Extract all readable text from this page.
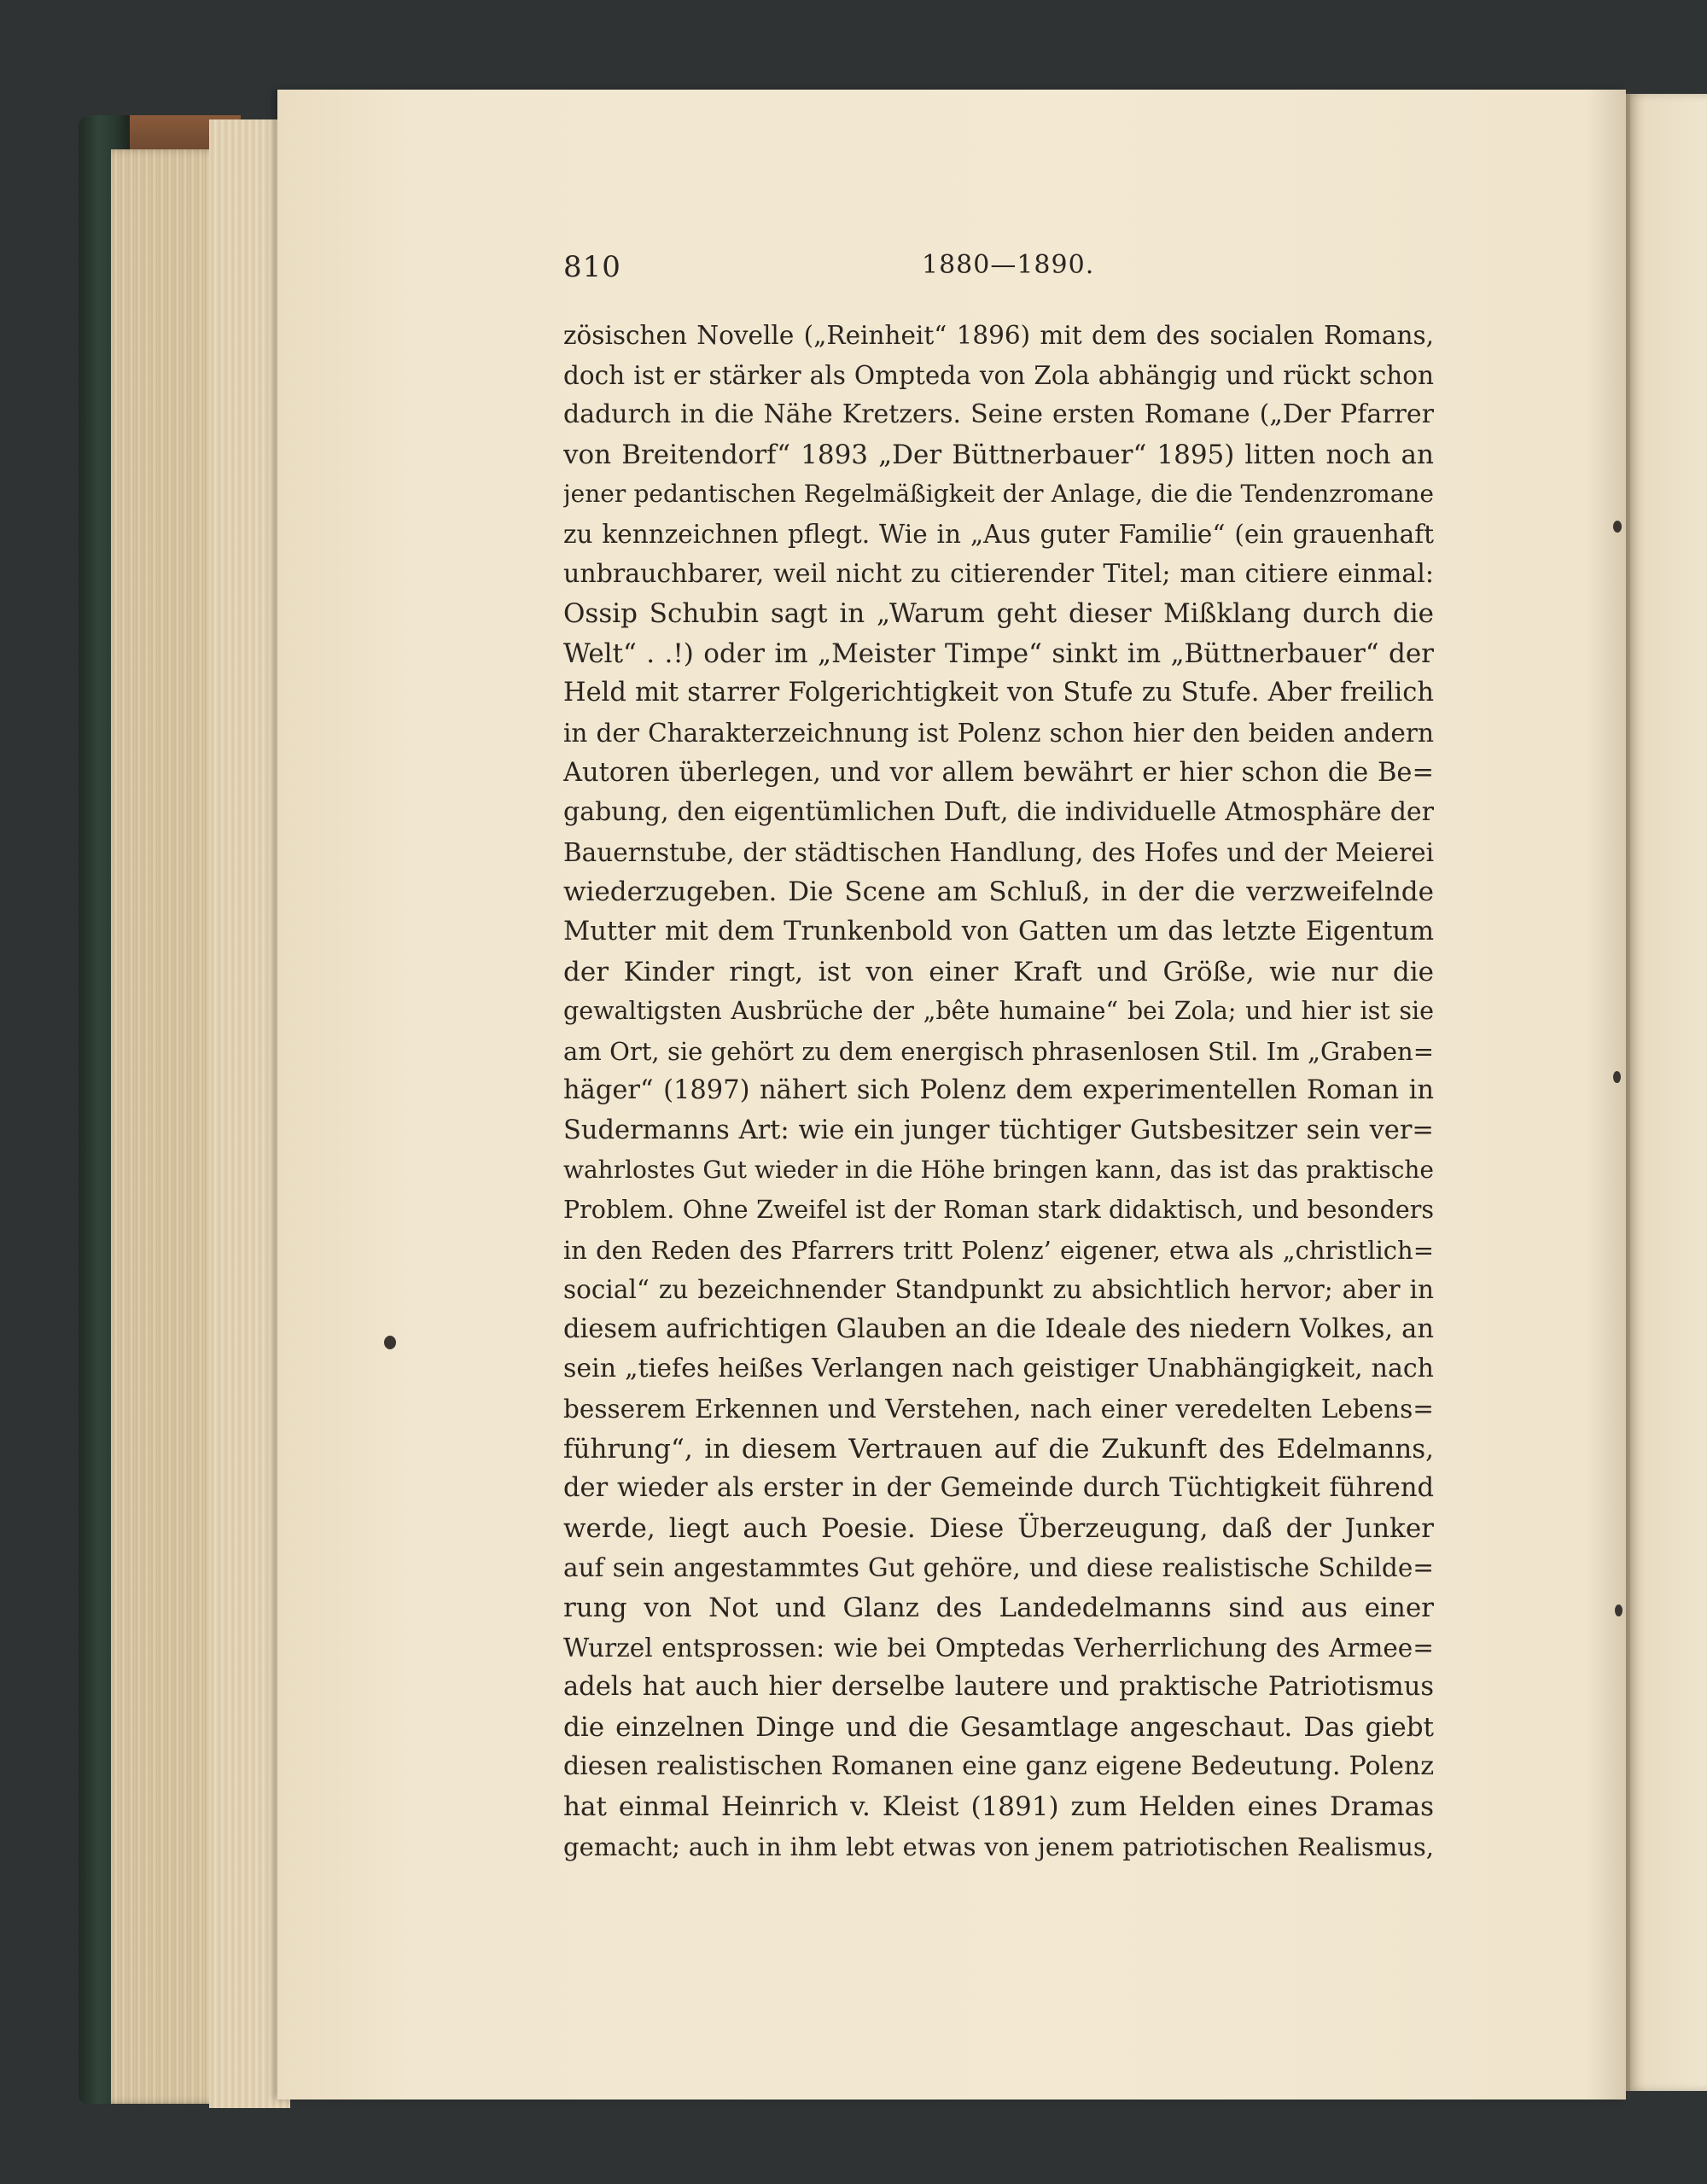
810	1880—1890.
zösischen Novelle („Reinheit“ 1896) mit dem des socialen Romans,
doch ist er stärker als Ompteda von Zola abhängig und rückt schon
dadurch in die Nähe Kretzers. Seine ersten Romane („Der Pfarrer
von Breitendorf“ 1893 „Der Büttnerbauer“ 1895) litten noch an
jener pedantischen Regelmäßigkeit der Anlage, die die Tendenzromane
zu kennzeichnen pflegt. Wie in „Aus guter Familie“ (ein grauenhaft
unbrauchbarer, weil nicht zu citierender Titel; man citiere einmal:
Ossip Schubin sagt in „Warum geht dieser Mißklang durch die
Welt“ . .!) oder im „Meister Timpe“ sinkt im „Büttnerbauer“ der
Held mit starrer Folgerichtigkeit von Stufe zu Stufe. Aber freilich
in der Charakterzeichnung ist Polenz schon hier den beiden andern
Autoren überlegen, und vor allem bewährt er hier schon die Be=
gabung, den eigentümlichen Duft, die individuelle Atmosphäre der
Bauernstube, der städtischen Handlung, des Hofes und der Meierei
wiederzugeben. Die Scene am Schluß, in der die verzweifelnde
Mutter mit dem Trunkenbold von Gatten um das letzte Eigentum
der Kinder ringt, ist von einer Kraft und Größe, wie nur die
gewaltigsten Ausbrüche der „bête humaine“ bei Zola; und hier ist sie
am Ort, sie gehört zu dem energisch phrasenlosen Stil. Im „Graben=
häger“ (1897) nähert sich Polenz dem experimentellen Roman in
Sudermanns Art: wie ein junger tüchtiger Gutsbesitzer sein ver=
wahrlostes Gut wieder in die Höhe bringen kann, das ist das praktische
Problem. Ohne Zweifel ist der Roman stark didaktisch, und besonders
in den Reden des Pfarrers tritt Polenz’ eigener, etwa als „christlich=
social“ zu bezeichnender Standpunkt zu absichtlich hervor; aber in
diesem aufrichtigen Glauben an die Ideale des niedern Volkes, an
sein „tiefes heißes Verlangen nach geistiger Unabhängigkeit, nach
besserem Erkennen und Verstehen, nach einer veredelten Lebens=
führung“, in diesem Vertrauen auf die Zukunft des Edelmanns,
der wieder als erster in der Gemeinde durch Tüchtigkeit führend
werde, liegt auch Poesie. Diese Überzeugung, daß der Junker
auf sein angestammtes Gut gehöre, und diese realistische Schilde=
rung von Not und Glanz des Landedelmanns sind aus einer
Wurzel entsprossen: wie bei Omptedas Verherrlichung des Armee=
adels hat auch hier derselbe lautere und praktische Patriotismus
die einzelnen Dinge und die Gesamtlage angeschaut. Das giebt
diesen realistischen Romanen eine ganz eigene Bedeutung. Polenz
hat einmal Heinrich v. Kleist (1891) zum Helden eines Dramas
gemacht; auch in ihm lebt etwas von jenem patriotischen Realismus,
